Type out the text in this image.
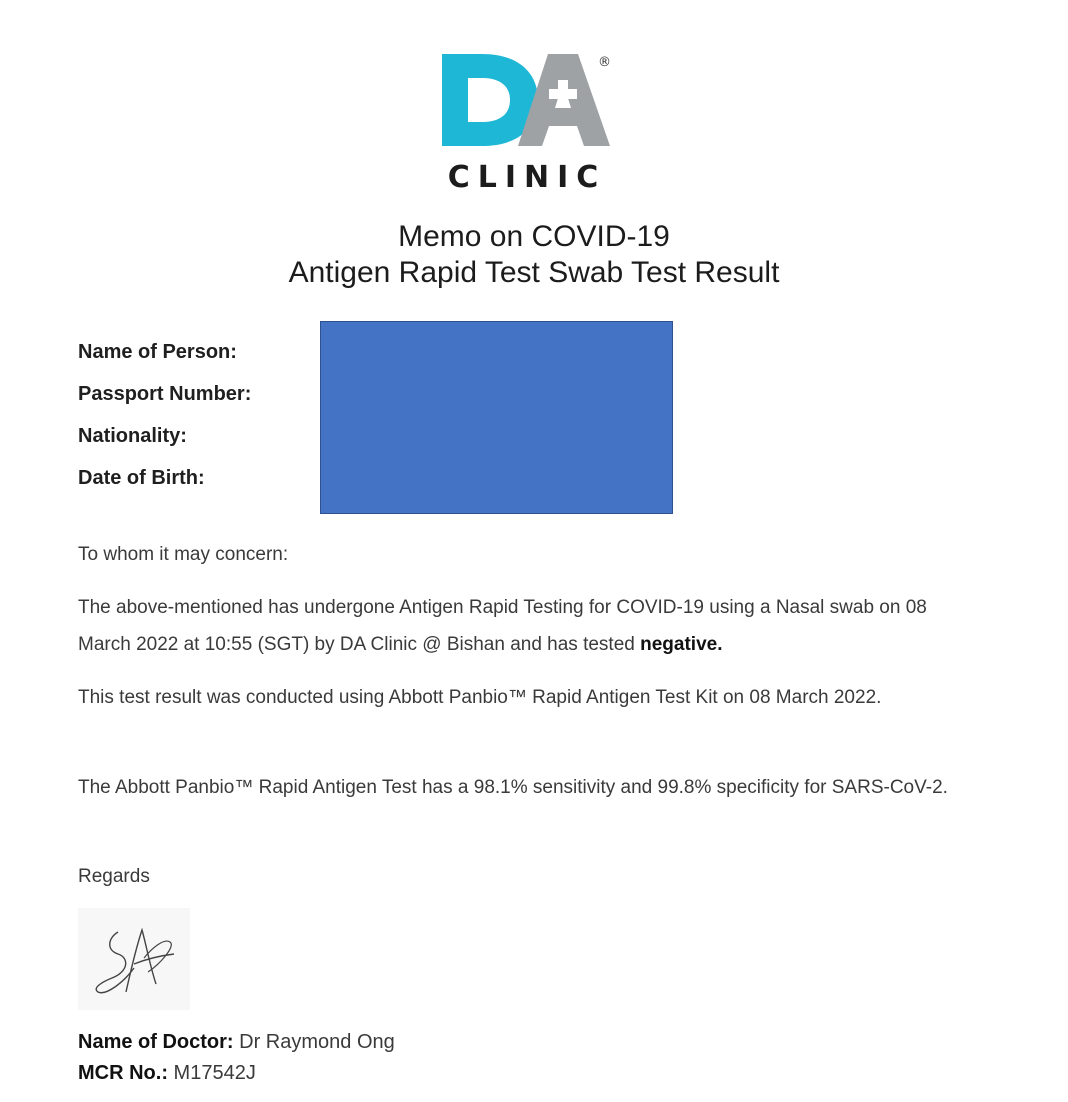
®
CLINIC
Memo on COVID-19
Antigen Rapid Test Swab Test Result
Name of Person:
Passport Number:
Nationality:
Date of Birth:

To whom it may concern:

The above-mentioned has undergone Antigen Rapid Testing for COVID-19 using a Nasal swab on 08 March 2022 at 10:55 (SGT) by DA Clinic @ Bishan and has tested negative.

This test result was conducted using Abbott Panbio™ Rapid Antigen Test Kit on 08 March 2022.

The Abbott Panbio™ Rapid Antigen Test has a 98.1% sensitivity and 99.8% specificity for SARS-CoV-2.

Regards

Name of Doctor: Dr Raymond Ong
MCR No.: M17542J
